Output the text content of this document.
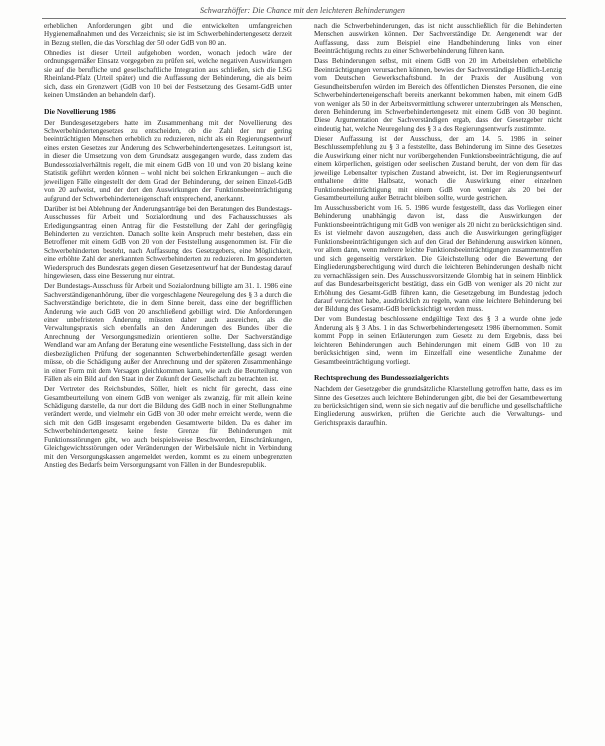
Schwarzhöffer: Die Chance mit den leichteren Behinderungen

erheblichen Anforderungen gibt und die entwickelten umfangreichen Hygienemaßnahmen und des Verzeichnis; sie ist im Schwerbehindertengesetz derzeit in Bezug stellen, die das Vorschlag der 50 oder GdB von 80 an.

Ohnedies ist dieser Urteil aufgehoben worden, wonach jedoch wäre der ordnungsgemäßer Einsatz vorgegeben zu prüfen sei, welche negativen Auswirkungen sie auf die berufliche und gesellschaftliche Integration aus schließen, sich die LSG Rheinland-Pfalz (Urteil später) und die Auffassung der Behinderung, die als beim sich, dass ein Grenzwert (GdB von 10 bei der Festsetzung des Gesamt-GdB unter keinen Umständen an behandeln darf).

Die Novellierung 1986

Der Bundesgesetzgebers hatte im Zusammenhang mit der Novellierung des Schwerbehindertengesetzes zu entscheiden, ob die Zahl der nur gering beeinträchtigten Menschen erheblich zu reduzieren, nicht als ein Regierungsentwurf eines ersten Gesetzes zur Änderung des Schwerbehindertengesetzes. Leitungsort ist, in dieser die Umsetzung von dem Grundsatz ausgegangen wurde, dass zudem das Bundessozialverhältnis regelt, die mit einem GdB von 10 und von 20 bislang keine Statistik geführt werden können – wohl nicht bei solchen Erkrankungen – auch die jeweiligen Fälle eingestellt der dem Grad der Behinderung, der seinen Einzel-GdB von 20 aufweist, und der dort den Auswirkungen der Funktionsbeeinträchtigung aufgrund der Schwerbehinderteneigenschaft entsprechend, anerkannt.

Darüber ist bei Ablehnung der Änderungsanträge bei den Beratungen des Bundestags-Ausschusses für Arbeit und Sozialordnung und des Fachausschusses als Erledigungsantrag einen Antrag für die Feststellung der Zahl der geringfügig Behinderten zu verzichten. Danach sollte kein Anspruch mehr bestehen, dass ein Betroffener mit einem GdB von 20 von der Feststellung ausgenommen ist. Für die Schwerbehinderten besteht, nach Auffassung des Gesetzgebers, eine Möglichkeit, eine erhöhte Zahl der anerkannten Schwerbehinderten zu reduzieren. Im gesonderten Wiederspruch des Bundesrats gegen diesen Gesetzesentwurf hat der Bundestag darauf hingewiesen, dass eine Besserung nur eintrat.

Der Bundestags-Ausschuss für Arbeit und Sozialordnung billigte am 31. 1. 1986 eine Sachverständigenanhörung, über die vorgeschlagene Neuregelung des § 3 a durch die Sachverständige berichtete, die in dem Sinne bereit, dass eine der begrifflichen Änderung wie auch GdB von 20 anschließend gebilligt wird. Die Anforderungen einer unbefristeten Änderung müssten daher auch ausreichen, als die Verwaltungspraxis sich ebenfalls an den Änderungen des Bundes über die Anrechnung der Versorgungsmedizin orientieren sollte. Der Sachverständige Wendland war am Anfang der Beratung eine wesentliche Feststellung, dass sich in der diesbezüglichen Prüfung der sogenannten Schwerbehindertenfälle gesagt werden müsse, ob die Schädigung außer der Anrechnung und der späteren Zusammenhänge in einer Form mit dem Versagen gleichkommen kann, wie auch die Beurteilung von Fällen als ein Bild auf den Staat in der Zukunft der Gesellschaft zu betrachten ist.

Der Vertreter des Reichsbundes, Söller, hielt es nicht für gerecht, dass eine Gesamtbeurteilung von einem GdB von weniger als zwanzig, für mit allein keine Schädigung darstelle, da nur dort die Bildung des GdB noch in einer Stellungnahme verändert werde, und vielmehr ein GdB von 30 oder mehr erreicht werde, wenn die sich mit den GdB insgesamt ergebenden Gesamtwerte bilden. Da es daher im Schwerbehindertengesetz keine feste Grenze für Behinderungen mit Funktionsstörungen gibt, wo auch beispielsweise Beschwerden, Einschränkungen, Gleichgewichtsstörungen oder Veränderungen der Wirbelsäule nicht in Verbindung mit den Versorgungskassen angemeldet werden, kommt es zu einem unbegrenzten Anstieg des Bedarfs beim Versorgungsamt von Fällen in der Bundesrepublik.

nach die Schwerbehinderungen, das ist nicht ausschließlich für die Behinderten Menschen auswirken können. Der Sachverständige Dr. Aengenendt war der Auffassung, dass zum Beispiel eine Handbehinderung links von einer Beeinträchtigung rechts zu einer Schwerbehinderung führen kann.

Dass Behinderungen selbst, mit einem GdB von 20 im Arbeitsleben erhebliche Beeinträchtigungen verursachen können, bewies der Sachverständige Hüdlich-Lenzig vom Deutschen Gewerkschaftsbund. In der Praxis der Ausübung von Gesundheitsberufen würden im Bereich des öffentlichen Dienstes Personen, die eine Schwerbehinderteneigenschaft bereits anerkannt bekommen haben, mit einem GdB von weniger als 50 in der Arbeitsvermittlung schwerer unterzubringen als Menschen, deren Behinderung im Schwerbehindertengesetz mit einem GdB von 30 beginnt. Diese Argumentation der Sachverständigen ergab, dass der Gesetzgeber nicht eindeutig hat, welche Neuregelung des § 3 a des Regierungsentwurfs zustimmte.

Dieser Auffassung ist der Ausschuss, der am 14. 5. 1986 in seiner Beschlussempfehlung zu § 3 a feststellte, dass Behinderung im Sinne des Gesetzes die Auswirkung einer nicht nur vorübergehenden Funktionsbeeinträchtigung, die auf einem körperlichen, geistigen oder seelischen Zustand beruht, der von dem für das jeweilige Lebensalter typischen Zustand abweicht, ist. Der im Regierungsentwurf enthaltene dritte Halbsatz, wonach die Auswirkung einer einzelnen Funktionsbeeinträchtigung mit einem GdB von weniger als 20 bei der Gesamtbeurteilung außer Betracht bleiben sollte, wurde gestrichen.

Im Ausschussbericht vom 16. 5. 1986 wurde festgestellt, dass das Vorliegen einer Behinderung unabhängig davon ist, dass die Auswirkungen der Funktionsbeeinträchtigung mit GdB von weniger als 20 nicht zu berücksichtigen sind. Es ist vielmehr davon auszugehen, dass auch die Auswirkungen geringfügiger Funktionsbeeinträchtigungen sich auf den Grad der Behinderung auswirken können, vor allem dann, wenn mehrere leichte Funktionsbeeinträchtigungen zusammentreffen und sich gegenseitig verstärken. Die Gleichstellung oder die Bewertung der Eingliederungsberechtigung wird durch die leichteren Behinderungen deshalb nicht zu vernachlässigen sein. Des Ausschussvorsitzende Glombig hat in seinem Hinblick auf das Bundesarbeitsgericht bestätigt, dass ein GdB von weniger als 20 nicht zur Erhöhung des Gesamt-GdB führen kann, die Gesetzgebung im Bundestag jedoch darauf verzichtet habe, ausdrücklich zu regeln, wann eine leichtere Behinderung bei der Bildung des Gesamt-GdB berücksichtigt werden muss.

Der vom Bundestag beschlossene endgültige Text des § 3 a wurde ohne jede Änderung als § 3 Abs. 1 in das Schwerbehindertengesetz 1986 übernommen. Somit kommt Popp in seinen Erläuterungen zum Gesetz zu dem Ergebnis, dass bei leichteren Behinderungen auch Behinderungen mit einem GdB von 10 zu berücksichtigen sind, wenn im Einzelfall eine wesentliche Zunahme der Gesamtbeeinträchtigung vorliegt.

Rechtsprechung des Bundessozialgerichts

Nachdem der Gesetzgeber die grundsätzliche Klarstellung getroffen hatte, dass es im Sinne des Gesetzes auch leichtere Behinderungen gibt, die bei der Gesamtbewertung zu berücksichtigen sind, wenn sie sich negativ auf die berufliche und gesellschaftliche Eingliederung auswirken, prüften die Gerichte auch die Verwaltungs- und Gerichtspraxis daraufhin.
